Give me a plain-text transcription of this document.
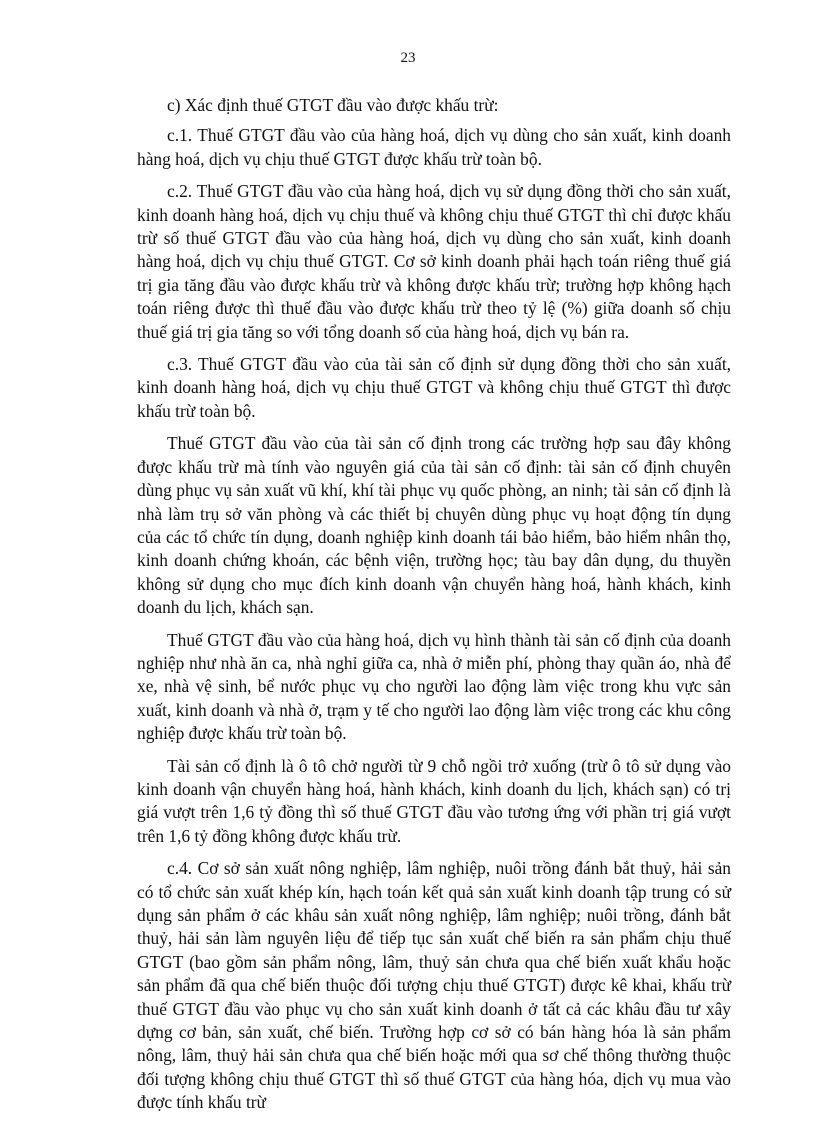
23

c) Xác định thuế GTGT đầu vào được khấu trừ:

c.1. Thuế GTGT đầu vào của hàng hoá, dịch vụ dùng cho sản xuất, kinh doanh hàng hoá, dịch vụ chịu thuế GTGT được khấu trừ toàn bộ.

c.2. Thuế GTGT đầu vào của hàng hoá, dịch vụ sử dụng đồng thời cho sản xuất, kinh doanh hàng hoá, dịch vụ chịu thuế và không chịu thuế GTGT thì chỉ được khấu trừ số thuế GTGT đầu vào của hàng hoá, dịch vụ dùng cho sản xuất, kinh doanh hàng hoá, dịch vụ chịu thuế GTGT. Cơ sở kinh doanh phải hạch toán riêng thuế giá trị gia tăng đầu vào được khấu trừ và không được khấu trừ; trường hợp không hạch toán riêng được thì thuế đầu vào được khấu trừ theo tỷ lệ (%) giữa doanh số chịu thuế giá trị gia tăng so với tổng doanh số của hàng hoá, dịch vụ bán ra.

c.3. Thuế GTGT đầu vào của tài sản cố định sử dụng đồng thời cho sản xuất, kinh doanh hàng hoá, dịch vụ chịu thuế GTGT và không chịu thuế GTGT thì được khấu trừ toàn bộ.

Thuế GTGT đầu vào của tài sản cố định trong các trường hợp sau đây không được khấu trừ mà tính vào nguyên giá của tài sản cố định: tài sản cố định chuyên dùng phục vụ sản xuất vũ khí, khí tài phục vụ quốc phòng, an ninh; tài sản cố định là nhà làm trụ sở văn phòng và các thiết bị chuyên dùng phục vụ hoạt động tín dụng của các tổ chức tín dụng, doanh nghiệp kinh doanh tái bảo hiểm, bảo hiểm nhân thọ, kinh doanh chứng khoán, các bệnh viện, trường học; tàu bay dân dụng, du thuyền không sử dụng cho mục đích kinh doanh vận chuyển hàng hoá, hành khách, kinh doanh du lịch, khách sạn.

Thuế GTGT đầu vào của hàng hoá, dịch vụ hình thành tài sản cố định của doanh nghiệp như nhà ăn ca, nhà nghỉ giữa ca, nhà ở miễn phí, phòng thay quần áo, nhà để xe, nhà vệ sinh, bể nước phục vụ cho người lao động làm việc trong khu vực sản xuất, kinh doanh và nhà ở, trạm y tế cho người lao động làm việc trong các khu công nghiệp được khấu trừ toàn bộ.

Tài sản cố định là ô tô chở người từ 9 chỗ ngồi trở xuống (trừ ô tô sử dụng vào kinh doanh vận chuyển hàng hoá, hành khách, kinh doanh du lịch, khách sạn) có trị giá vượt trên 1,6 tỷ đồng thì số thuế GTGT đầu vào tương ứng với phần trị giá vượt trên 1,6 tỷ đồng không được khấu trừ.

c.4. Cơ sở sản xuất nông nghiệp, lâm nghiệp, nuôi trồng đánh bắt thuỷ, hải sản có tổ chức sản xuất khép kín, hạch toán kết quả sản xuất kinh doanh tập trung có sử dụng sản phẩm ở các khâu sản xuất nông nghiệp, lâm nghiệp; nuôi trồng, đánh bắt thuỷ, hải sản làm nguyên liệu để tiếp tục sản xuất chế biến ra sản phẩm chịu thuế GTGT (bao gồm sản phẩm nông, lâm, thuỷ sản chưa qua chế biến xuất khẩu hoặc sản phẩm đã qua chế biến thuộc đối tượng chịu thuế GTGT) được kê khai, khấu trừ thuế GTGT đầu vào phục vụ cho sản xuất kinh doanh ở tất cả các khâu đầu tư xây dựng cơ bản, sản xuất, chế biến. Trường hợp cơ sở có bán hàng hóa là sản phẩm nông, lâm, thuỷ hải sản chưa qua chế biến hoặc mới qua sơ chế thông thường thuộc đối tượng không chịu thuế GTGT thì số thuế GTGT của hàng hóa, dịch vụ mua vào được tính khấu trừ
